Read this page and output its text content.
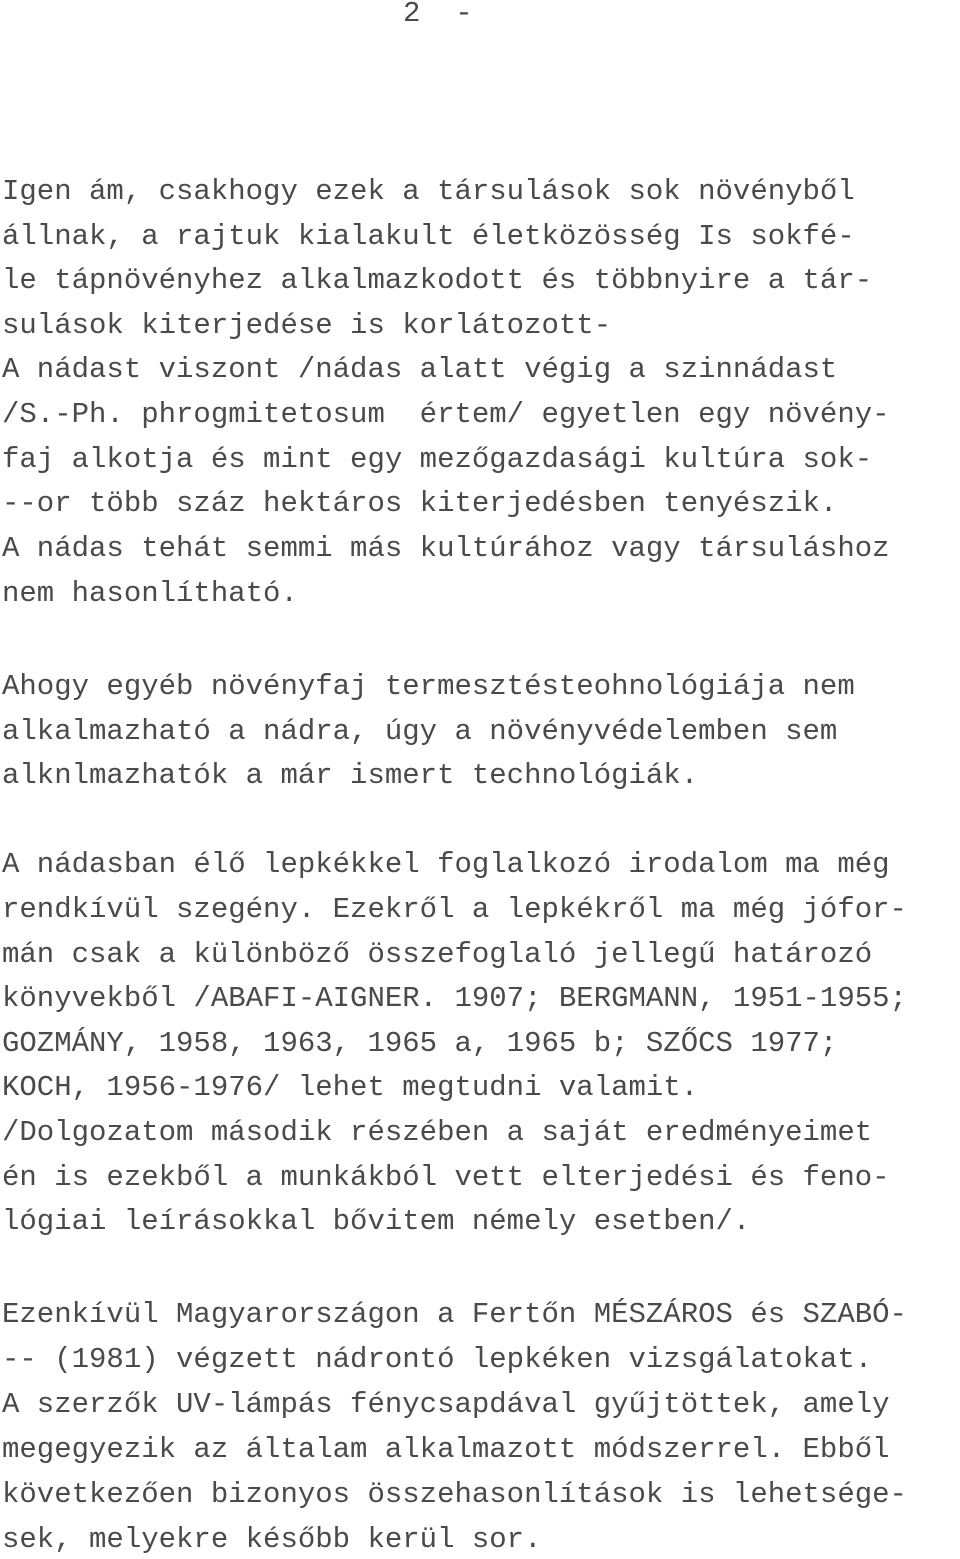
2  -
Igen ám, csakhogy ezek a társulások sok növényből
állnak, a rajtuk kialakult életközösség Is sokfé-
le tápnövényhez alkalmazkodott és többnyire a tár-
sulások kiterjedése is korlátozott-
A nádast viszont /nádas alatt végig a szinnádast
/S.-Ph. phrogmitetosum  értem/ egyetlen egy növény-
faj alkotja és mint egy mezőgazdasági kultúra sok-
--or több száz hektáros kiterjedésben tenyészik.
A nádas tehát semmi más kultúrához vagy társuláshoz
nem hasonlítható.
Ahogy egyéb növényfaj termesztésteohnológiája nem
alkalmazható a nádra, úgy a növényvédelemben sem
alknlmazhatók a már ismert technológiák.
A nádasban élő lepkékkel foglalkozó irodalom ma még
rendkívül szegény. Ezekről a lepkékről ma még jófor-
mán csak a különböző összefoglaló jellegű határozó
könyvekből /ABAFI-AIGNER. 1907; BERGMANN, 1951-1955;
GOZMÁNY, 1958, 1963, 1965 a, 1965 b; SZŐCS 1977;
KOCH, 1956-1976/ lehet megtudni valamit.
/Dolgozatom második részében a saját eredményeimet
én is ezekből a munkákból vett elterjedési és feno-
lógiai leírásokkal bővitem némely esetben/.
Ezenkívül Magyarországon a Fertőn MÉSZÁROS és SZABÓ-
-- (1981) végzett nádrontó lepkéken vizsgálatokat.
A szerzők UV-lámpás fénycsapdával gyűjtöttek, amely
megegyezik az általam alkalmazott módszerrel. Ebből
következően bizonyos összehasonlítások is lehetsége-
sek, melyekre később kerül sor.
